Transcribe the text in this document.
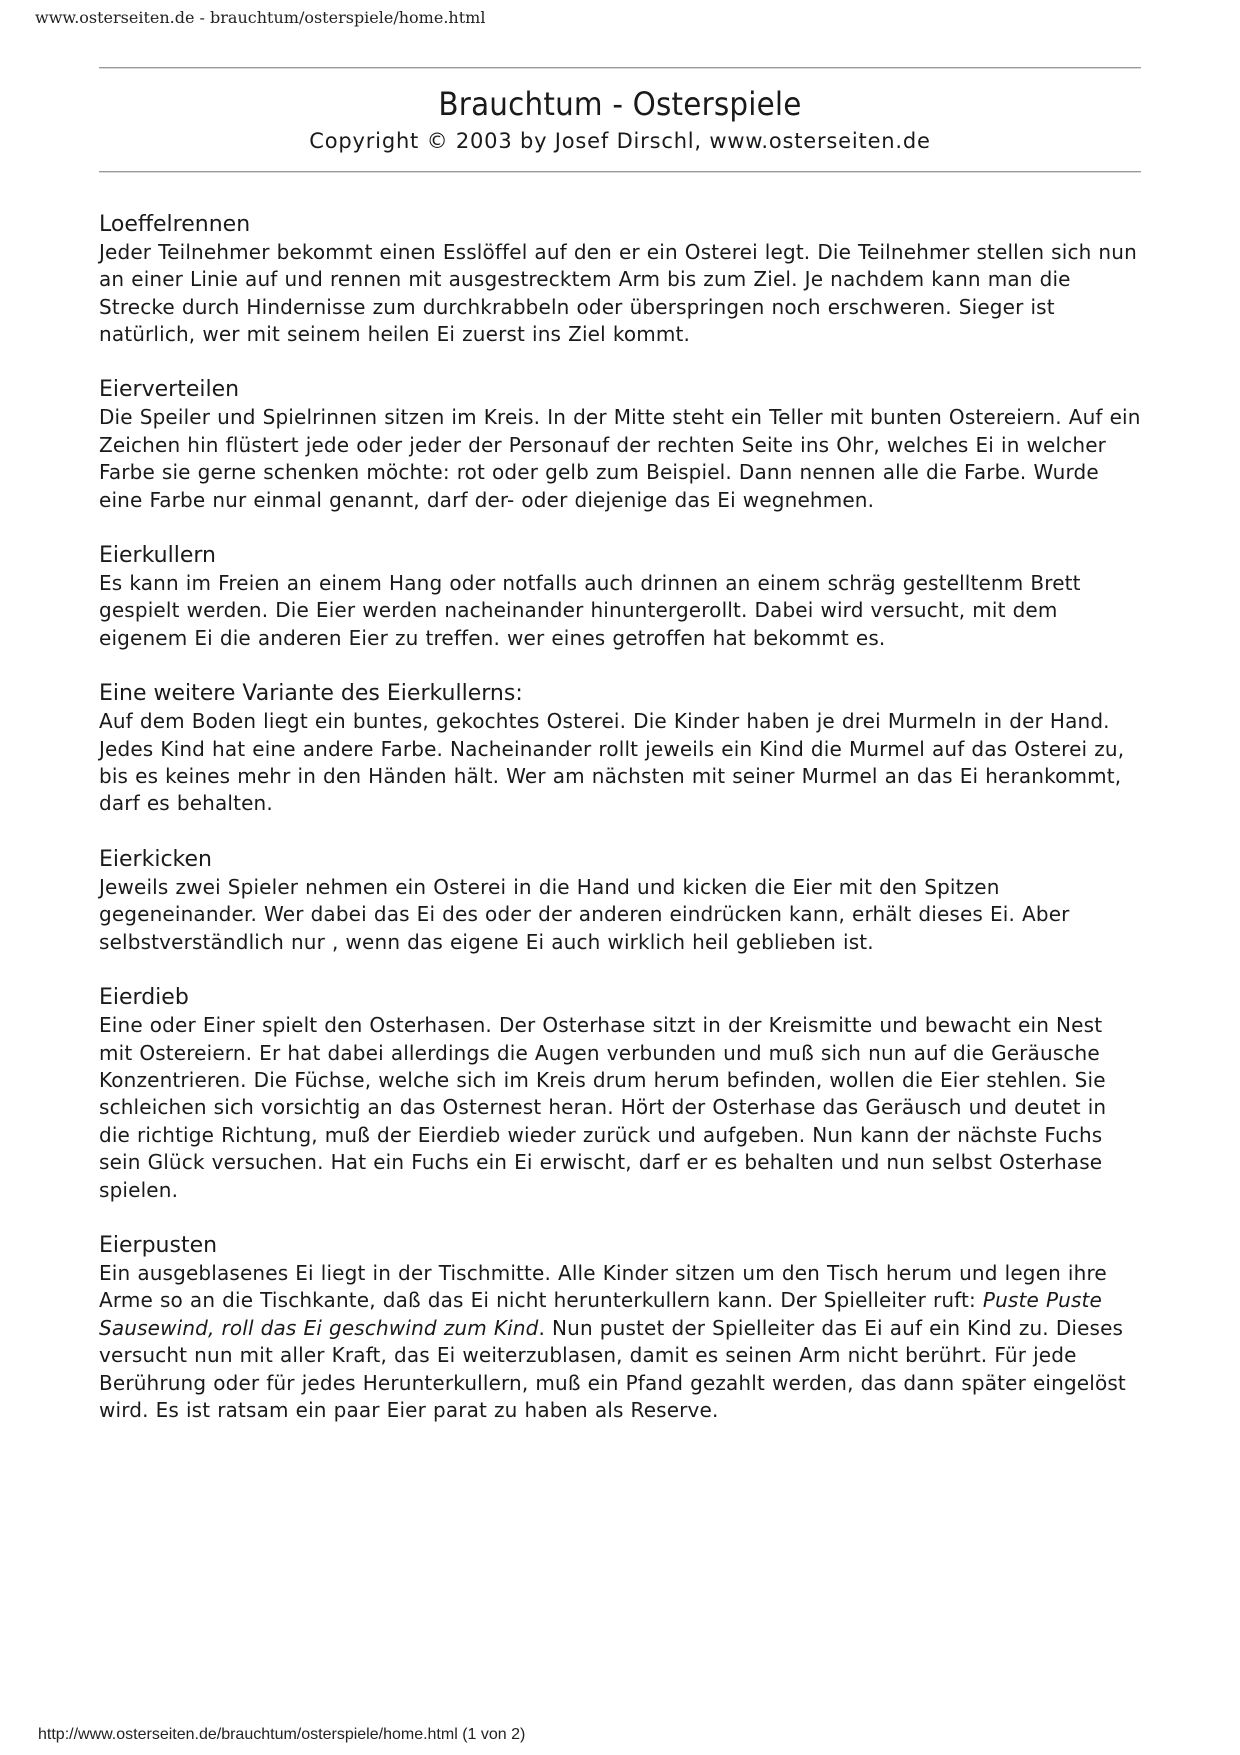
www.osterseiten.de - brauchtum/osterspiele/home.html
Brauchtum - Osterspiele
Copyright © 2003 by Josef Dirschl, www.osterseiten.de
Loeffelrennen

Jeder Teilnehmer bekommt einen Esslöffel auf den er ein Osterei legt. Die Teilnehmer stellen sich nun an einer Linie auf und rennen mit ausgestrecktem Arm bis zum Ziel. Je nachdem kann man die Strecke durch Hindernisse zum durchkrabbeln oder überspringen noch erschweren. Sieger ist natürlich, wer mit seinem heilen Ei zuerst ins Ziel kommt.

Eierverteilen

Die Speiler und Spielrinnen sitzen im Kreis. In der Mitte steht ein Teller mit bunten Ostereiern. Auf ein Zeichen hin flüstert jede oder jeder der Personauf der rechten Seite ins Ohr, welches Ei in welcher Farbe sie gerne schenken möchte: rot oder gelb zum Beispiel. Dann nennen alle die Farbe. Wurde eine Farbe nur einmal genannt, darf der- oder diejenige das Ei wegnehmen.

Eierkullern

Es kann im Freien an einem Hang oder notfalls auch drinnen an einem schräg gestelltenm Brett gespielt werden. Die Eier werden nacheinander hinuntergerollt. Dabei wird versucht, mit dem eigenem Ei die anderen Eier zu treffen. wer eines getroffen hat bekommt es.

Eine weitere Variante des Eierkullerns:

Auf dem Boden liegt ein buntes, gekochtes Osterei. Die Kinder haben je drei Murmeln in der Hand. Jedes Kind hat eine andere Farbe. Nacheinander rollt jeweils ein Kind die Murmel auf das Osterei zu, bis es keines mehr in den Händen hält. Wer am nächsten mit seiner Murmel an das Ei herankommt, darf es behalten.

Eierkicken

Jeweils zwei Spieler nehmen ein Osterei in die Hand und kicken die Eier mit den Spitzen gegeneinander. Wer dabei das Ei des oder der anderen eindrücken kann, erhält dieses Ei. Aber selbstverständlich nur , wenn das eigene Ei auch wirklich heil geblieben ist.

Eierdieb

Eine oder Einer spielt den Osterhasen. Der Osterhase sitzt in der Kreismitte und bewacht ein Nest mit Ostereiern. Er hat dabei allerdings die Augen verbunden und muß sich nun auf die Geräusche Konzentrieren. Die Füchse, welche sich im Kreis drum herum befinden, wollen die Eier stehlen. Sie schleichen sich vorsichtig an das Osternest heran. Hört der Osterhase das Geräusch und deutet in die richtige Richtung, muß der Eierdieb wieder zurück und aufgeben. Nun kann der nächste Fuchs sein Glück versuchen. Hat ein Fuchs ein Ei erwischt, darf er es behalten und nun selbst Osterhase spielen.

Eierpusten

Ein ausgeblasenes Ei liegt in der Tischmitte. Alle Kinder sitzen um den Tisch herum und legen ihre Arme so an die Tischkante, daß das Ei nicht herunterkullern kann. Der Spielleiter ruft: Puste Puste Sausewind, roll das Ei geschwind zum Kind. Nun pustet der Spielleiter das Ei auf ein Kind zu. Dieses versucht nun mit aller Kraft, das Ei weiterzublasen, damit es seinen Arm nicht berührt. Für jede Berührung oder für jedes Herunterkullern, muß ein Pfand gezahlt werden, das dann später eingelöst wird. Es ist ratsam ein paar Eier parat zu haben als Reserve.

http://www.osterseiten.de/brauchtum/osterspiele/home.html (1 von 2)
